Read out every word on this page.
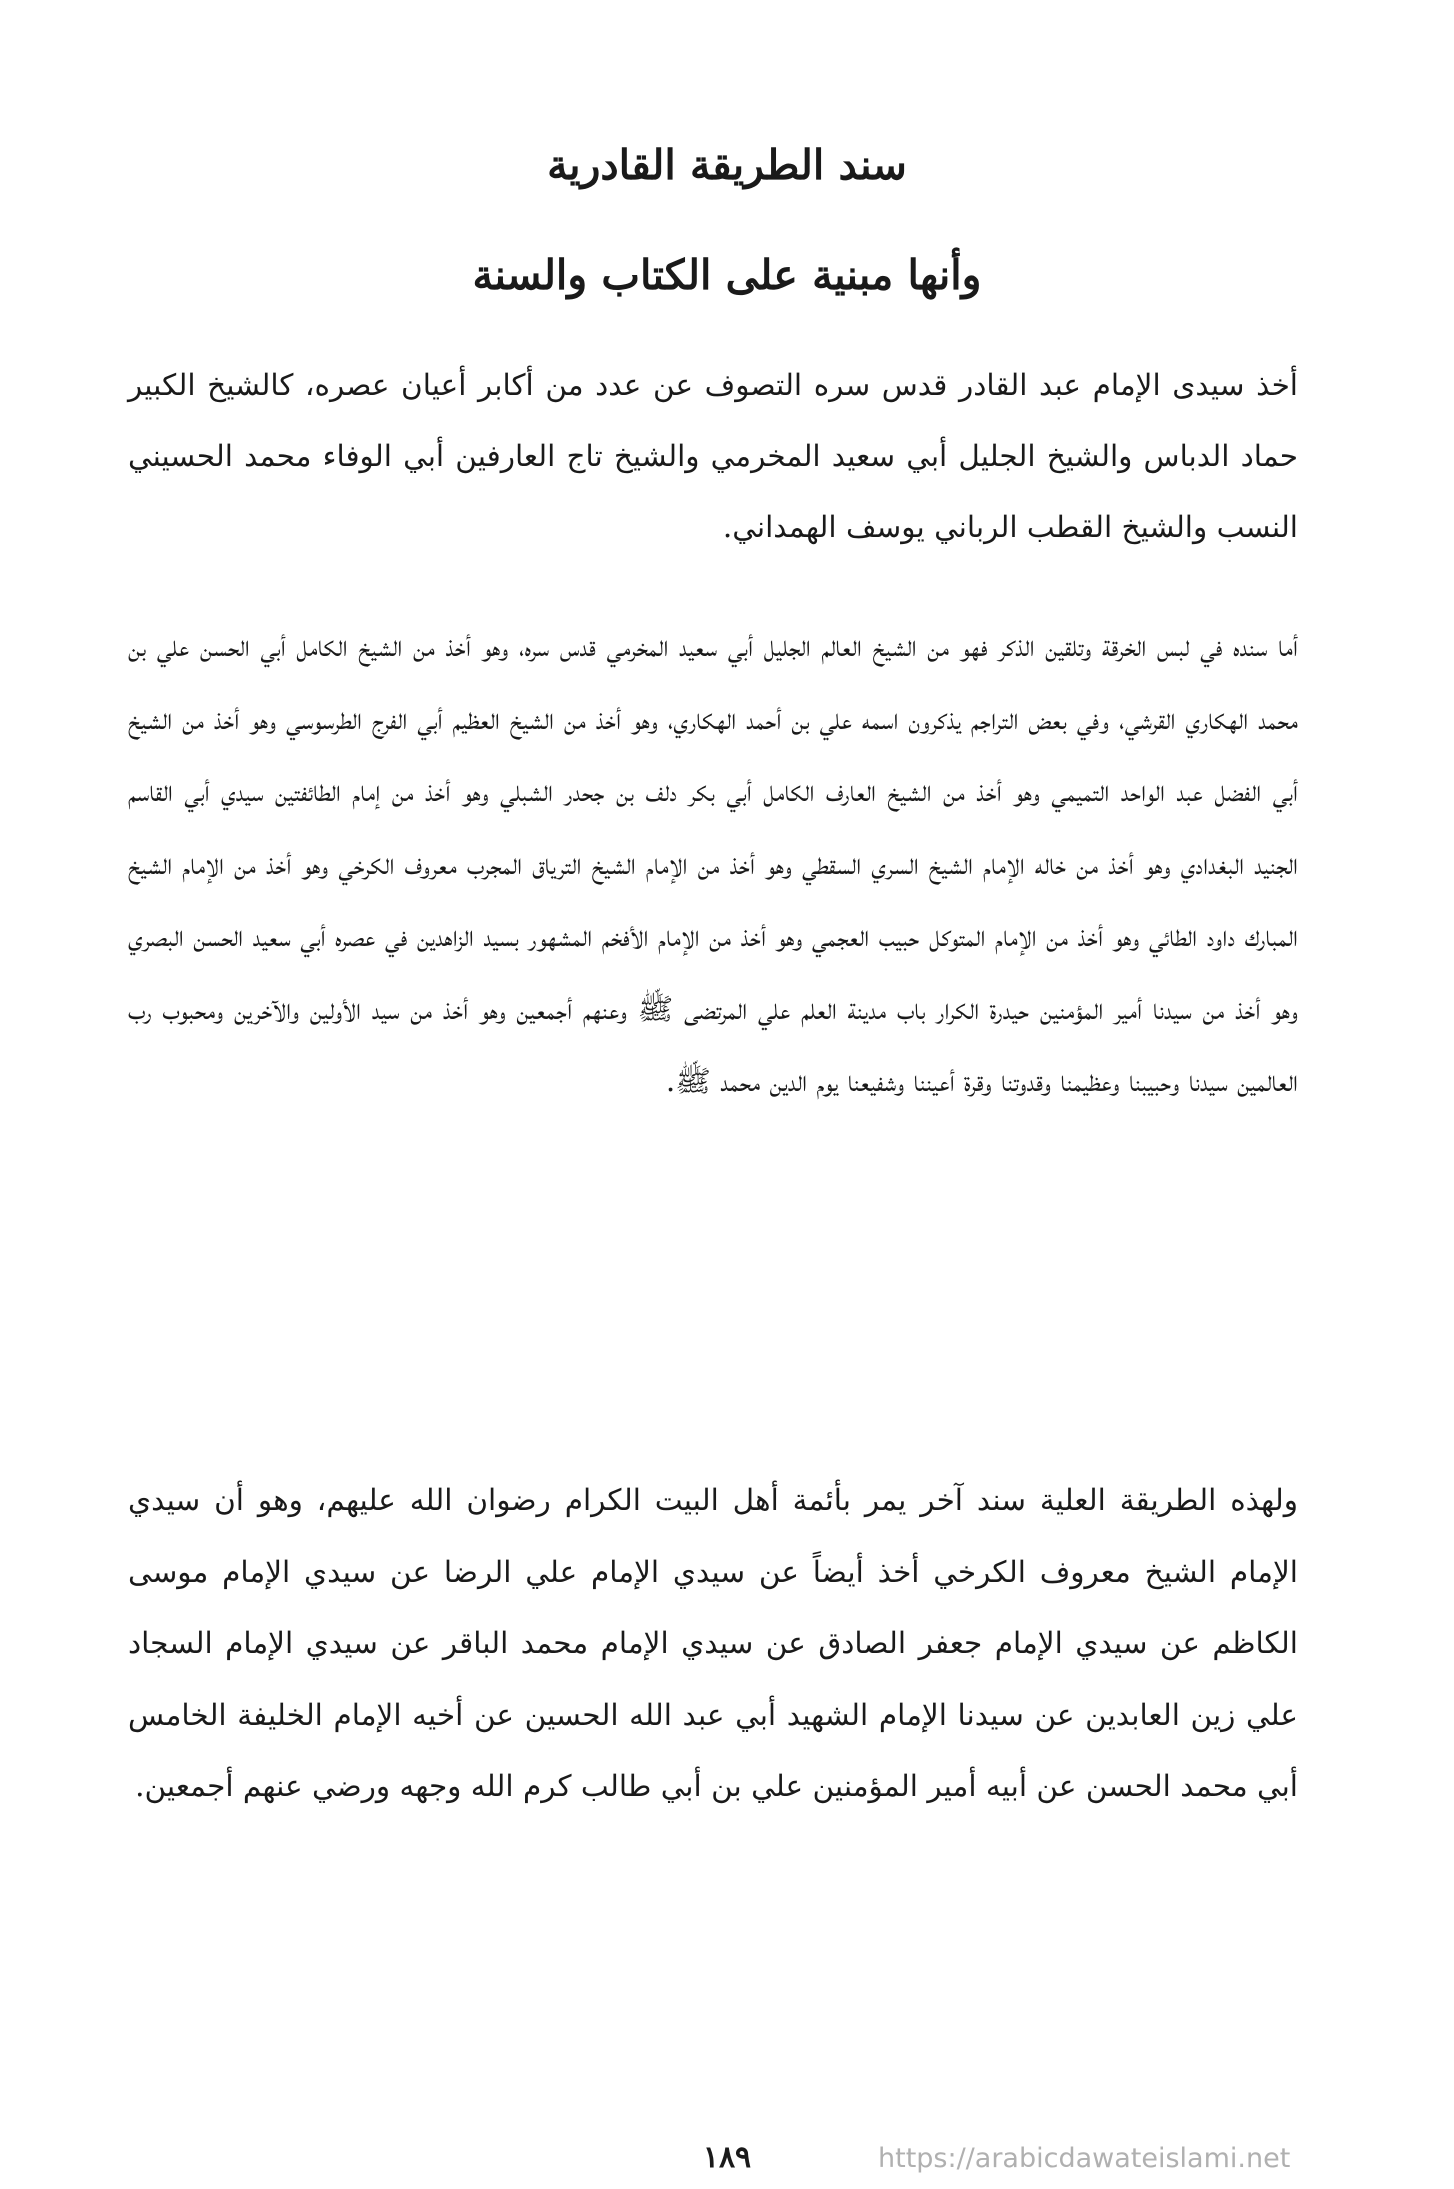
سند الطريقة القادرية
وأنها مبنية على الكتاب والسنة

أخذ سيدى الإمام عبد القادر قدس سره التصوف عن عدد من أكابر أعيان عصره، كالشيخ الكبير حماد الدباس والشيخ الجليل أبي سعيد المخرمي والشيخ تاج العارفين أبي الوفاء محمد الحسيني النسب والشيخ القطب الرباني يوسف الهمداني.

أما سنده في لبس الخرقة وتلقين الذكر فهو من الشيخ العالم الجليل أبي سعيد المخرمي قدس سره، وهو أخذ من الشيخ الكامل أبي الحسن علي بن محمد الهكاري القرشي، وفي بعض التراجم يذكرون اسمه علي بن أحمد الهكاري، وهو أخذ من الشيخ العظيم أبي الفرج الطرسوسي وهو أخذ من الشيخ أبي الفضل عبد الواحد التميمي وهو أخذ من الشيخ العارف الكامل أبي بكر دلف بن جحدر الشبلي وهو أخذ من إمام الطائفتين سيدي أبي القاسم الجنيد البغدادي وهو أخذ من خاله الإمام الشيخ السري السقطي وهو أخذ من الإمام الشيخ الترياق المجرب معروف الكرخي وهو أخذ من الإمام الشيخ المبارك داود الطائي وهو أخذ من الإمام المتوكل حبيب العجمي وهو أخذ من الإمام الأفخم المشهور بسيد الزاهدين في عصره أبي سعيد الحسن البصري وهو أخذ من سيدنا أمير المؤمنين حيدرة الكرار باب مدينة العلم علي المرتضى ﷺ وعنهم أجمعين وهو أخذ من سيد الأولين والآخرين ومحبوب رب العالمين سيدنا وحبيبنا وعظيمنا وقدوتنا وقرة أعيننا وشفيعنا يوم الدين محمد ﷺ.

ولهذه الطريقة العلية سند آخر يمر بأئمة أهل البيت الكرام رضوان الله عليهم، وهو أن سيدي الإمام الشيخ معروف الكرخي أخذ أيضاً عن سيدي الإمام علي الرضا عن سيدي الإمام موسى الكاظم عن سيدي الإمام جعفر الصادق عن سيدي الإمام محمد الباقر عن سيدي الإمام السجاد علي زين العابدين عن سيدنا الإمام الشهيد أبي عبد الله الحسين عن أخيه الإمام الخليفة الخامس أبي محمد الحسن عن أبيه أمير المؤمنين علي بن أبي طالب كرم الله وجهه ورضي عنهم أجمعين.

١٨٩	https://arabicdawateislami.net
